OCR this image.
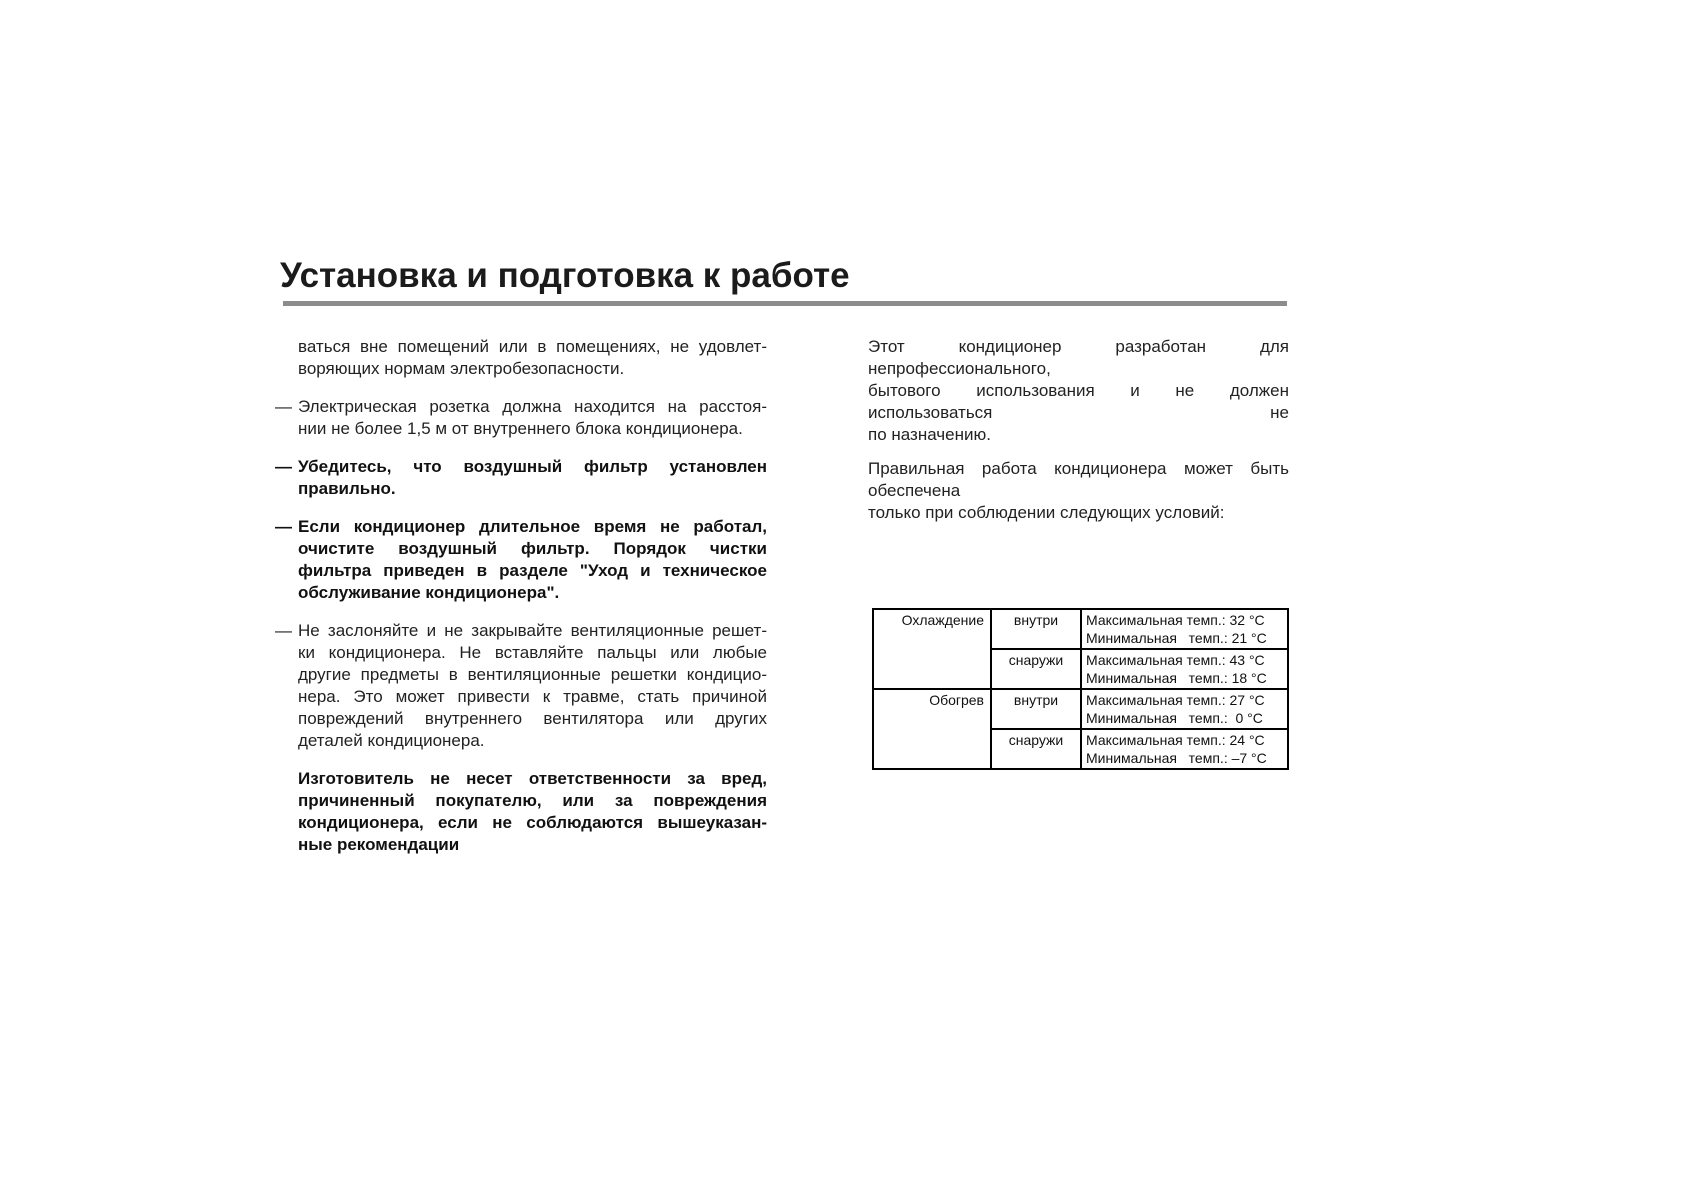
Установка и подготовка к работе
ваться вне помещений или в помещениях, не удовлет-
воряющих нормам электробезопасности.
— Электрическая розетка должна находится на расстоя-
нии не более 1,5 м от внутреннего блока кондиционера.
— Убедитесь, что воздушный фильтр установлен
правильно.
— Если кондиционер длительное время не работал,
очистите воздушный фильтр. Порядок чистки
фильтра приведен в разделе "Уход и техническое
обслуживание кондиционера".
— Не заслоняйте и не закрывайте вентиляционные решет-
ки кондиционера. Не вставляйте пальцы или любые
другие предметы в вентиляционные решетки кондицио-
нера. Это может привести к травме, стать причиной
повреждений внутреннего вентилятора или других
деталей кондиционера.
Изготовитель не несет ответственности за вред,
причиненный покупателю, или за повреждения
кондиционера, если не соблюдаются вышеуказан-
ные рекомендации
Этот кондиционер разработан для непрофессионального,
бытового использования и не должен использоваться не
по назначению.
Правильная работа кондиционера может быть обеспечена
только при соблюдении следующих условий:
Охлаждение	внутри	Максимальная темп.: 32 °C
Минимальная   темп.: 21 °C

	снаружи	Максимальная темп.: 43 °C
Минимальная   темп.: 18 °C

Обогрев	внутри	Максимальная темп.: 27 °C
Минимальная   темп.:  0 °C

	снаружи	Максимальная темп.: 24 °C
Минимальная   темп.: –7 °C
